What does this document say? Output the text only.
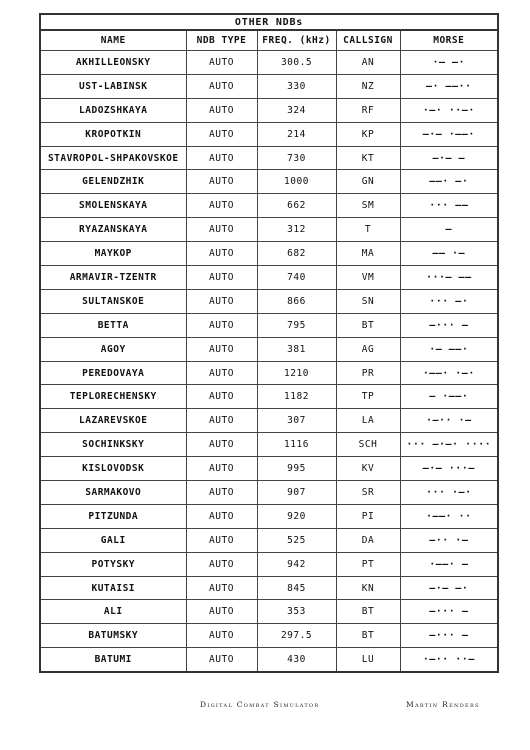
OTHER NDBs				
NAME	NDB TYPE	FREQ. (kHz)	CALLSIGN	MORSE
AKHILLEONSKY	AUTO	300.5	AN	·‒ ‒·
UST-LABINSK	AUTO	330	NZ	‒· ‒‒··
LADOZSHKAYA	AUTO	324	RF	·‒· ··‒·
KROPOTKIN	AUTO	214	KP	‒·‒ ·‒‒·
STAVROPOL-SHPAKOVSKOE	AUTO	730	KT	‒·‒ ‒
GELENDZHIK	AUTO	1000	GN	‒‒· ‒·
SMOLENSKAYA	AUTO	662	SM	··· ‒‒
RYAZANSKAYA	AUTO	312	T	‒
MAYKOP	AUTO	682	MA	‒‒ ·‒
ARMAVIR-TZENTR	AUTO	740	VM	···‒ ‒‒
SULTANSKOE	AUTO	866	SN	··· ‒·
BETTA	AUTO	795	BT	‒··· ‒
AGOY	AUTO	381	AG	·‒ ‒‒·
PEREDOVAYA	AUTO	1210	PR	·‒‒· ·‒·
TEPLORECHENSKY	AUTO	1182	TP	‒ ·‒‒·
LAZAREVSKOE	AUTO	307	LA	·‒·· ·‒
SOCHINKSKY	AUTO	1116	SCH	··· ‒·‒· ····
KISLOVODSK	AUTO	995	KV	‒·‒ ···‒
SARMAKOVO	AUTO	907	SR	··· ·‒·
PITZUNDA	AUTO	920	PI	·‒‒· ··
GALI	AUTO	525	DA	‒·· ·‒
POTYSKY	AUTO	942	PT	·‒‒· ‒
KUTAISI	AUTO	845	KN	‒·‒ ‒·
ALI	AUTO	353	BT	‒··· ‒
BATUMSKY	AUTO	297.5	BT	‒··· ‒
BATUMI	AUTO	430	LU	·‒·· ··‒
Digital Combat Simulator	Martin Renders
